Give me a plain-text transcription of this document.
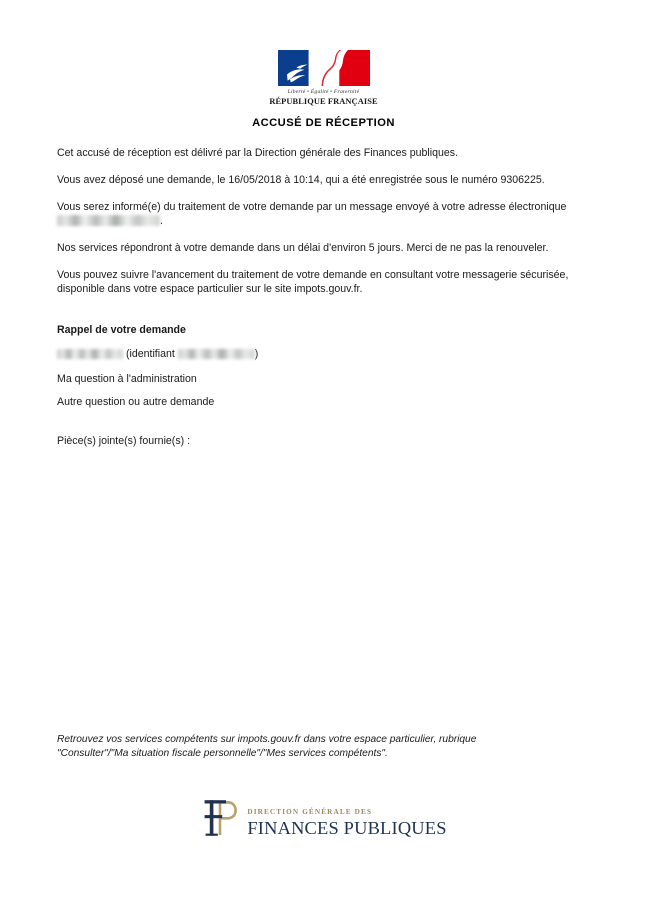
Liberté • Égalité • Fraternité
RÉPUBLIQUE FRANÇAISE
ACCUSÉ DE RÉCEPTION

Cet accusé de réception est délivré par la Direction générale des Finances publiques.

Vous avez déposé une demande, le 16/05/2018 à 10:14, qui a été enregistrée sous le numéro 9306225.

Vous serez informé(e) du traitement de votre demande par un message envoyé à votre adresse électronique .

Nos services répondront à votre demande dans un délai d'environ 5 jours. Merci de ne pas la renouveler.

Vous pouvez suivre l'avancement du traitement de votre demande en consultant votre messagerie sécurisée, disponible dans votre espace particulier sur le site impots.gouv.fr.

Rappel de votre demande

(identifiant	)

Ma question à l'administration

Autre question ou autre demande

Pièce(s) jointe(s) fournie(s) :

Retrouvez vos services compétents sur impots.gouv.fr dans votre espace particulier, rubrique
"Consulter"/"Ma situation fiscale personnelle"/"Mes services compétents".
DIRECTION GÉNÉRALE DES
FINANCES PUBLIQUES
